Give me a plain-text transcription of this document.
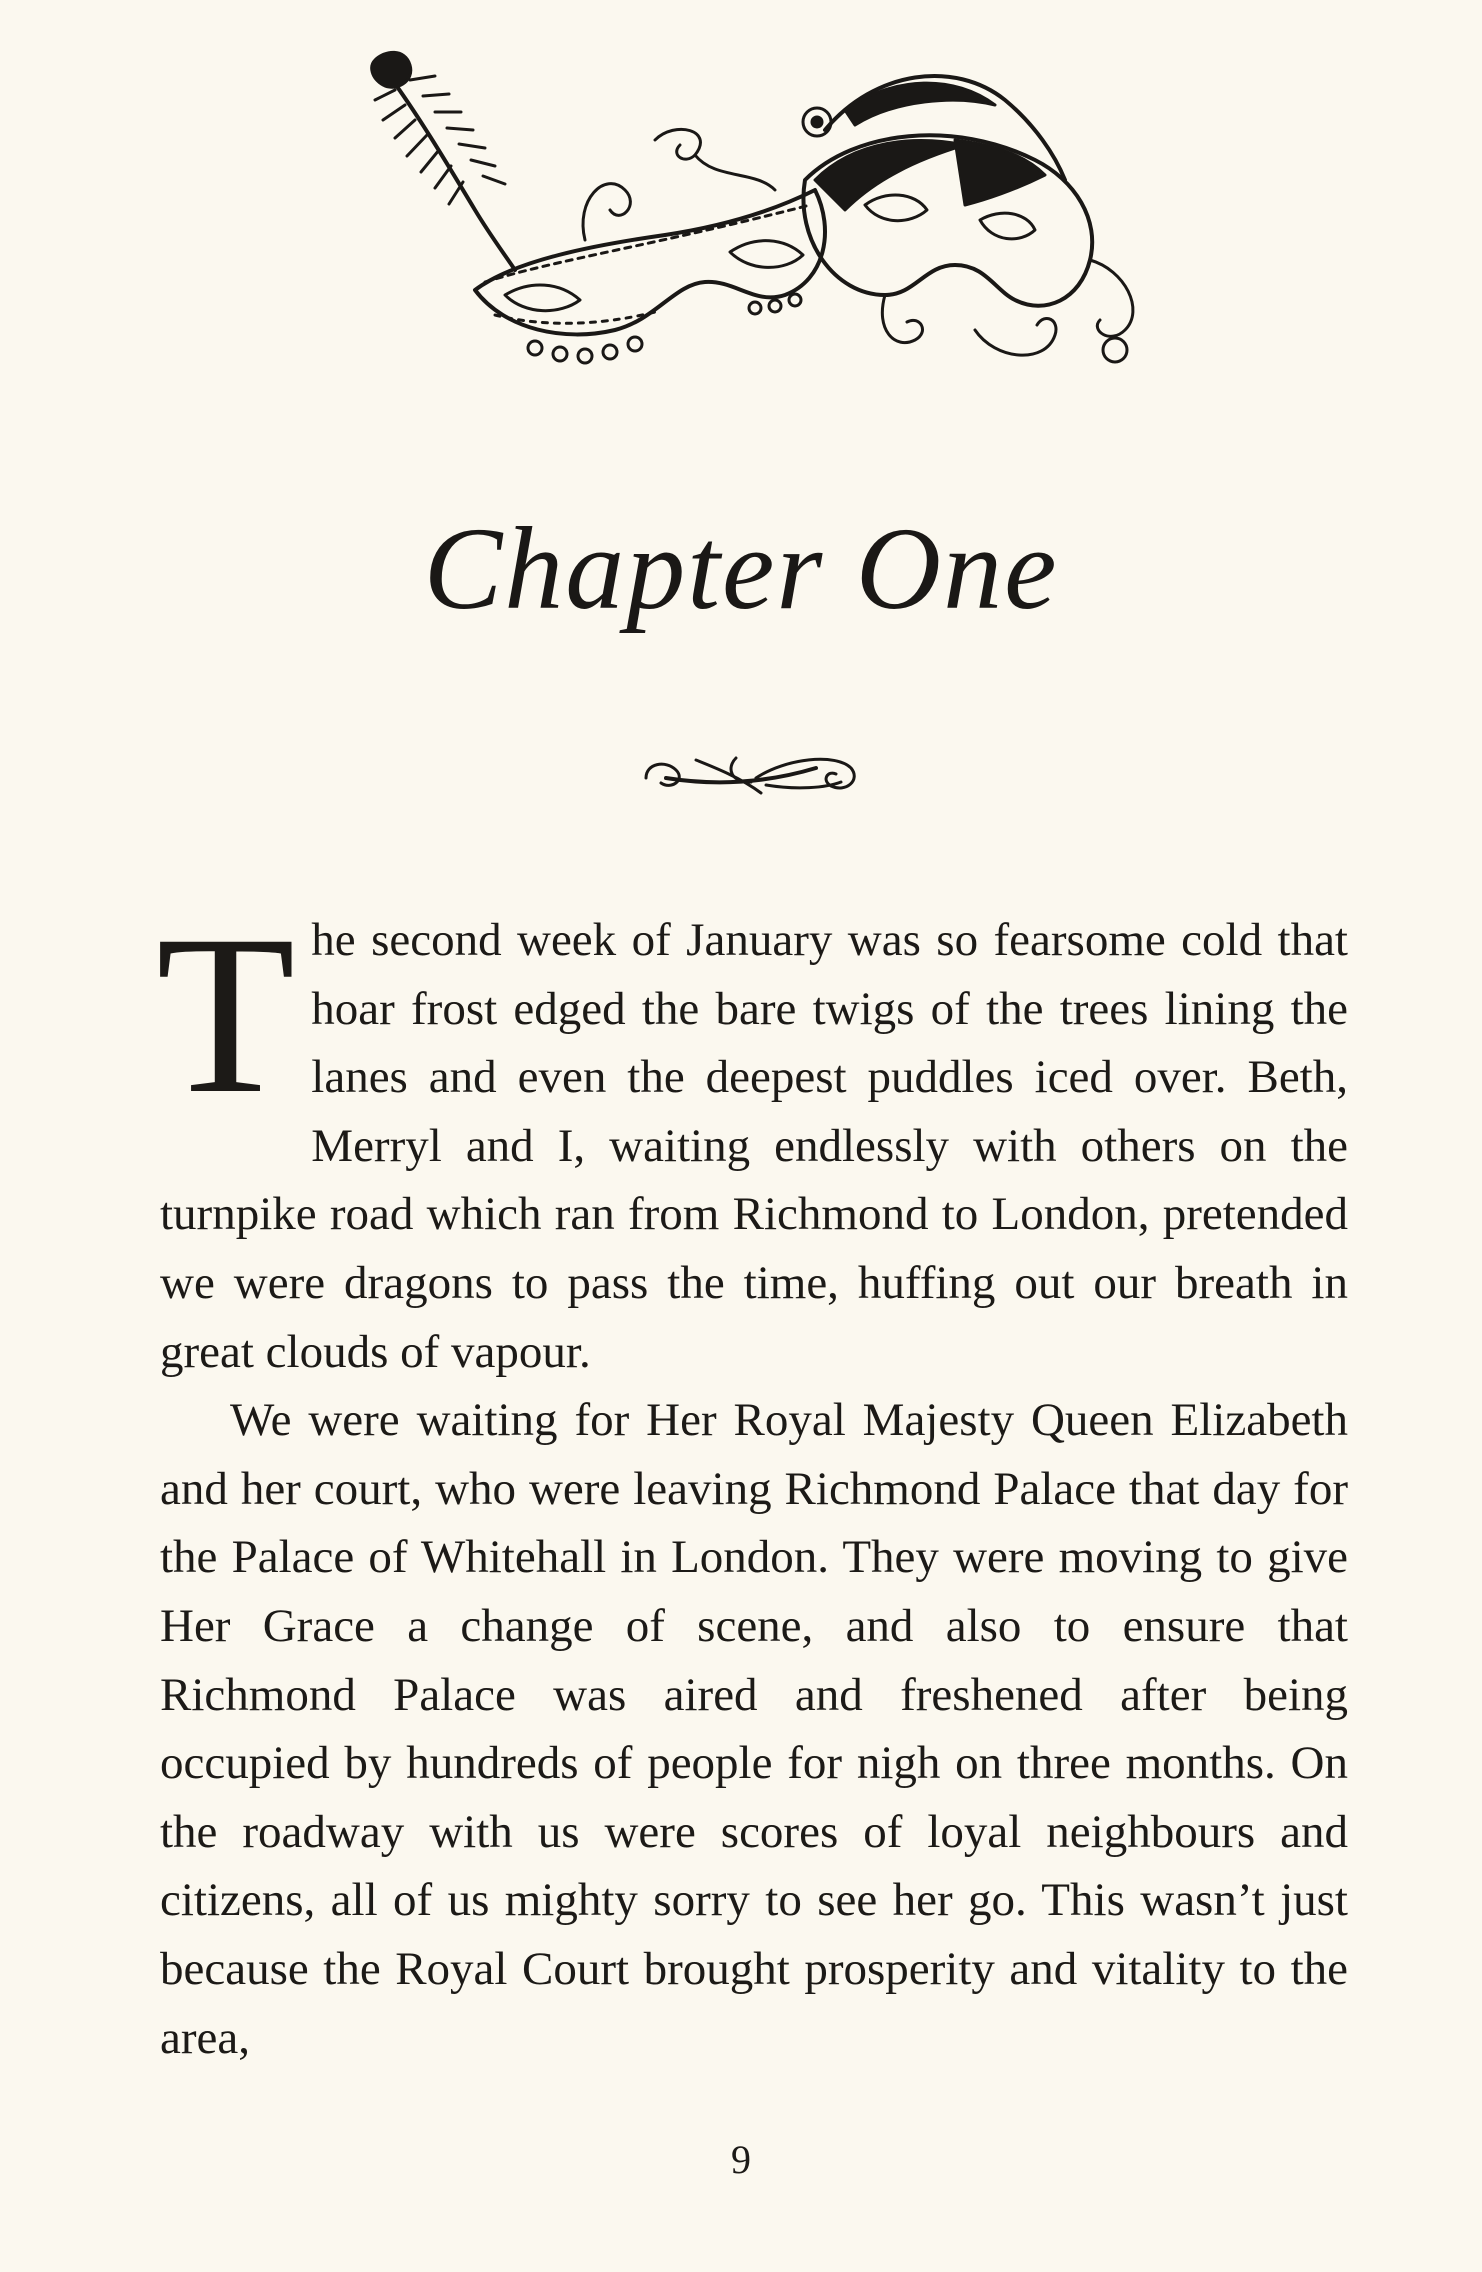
Chapter One

The second week of January was so fearsome cold that hoar frost edged the bare twigs of the trees lining the lanes and even the deepest puddles iced over. Beth, Merryl and I, waiting endlessly with others on the turnpike road which ran from Richmond to London, pretended we were dragons to pass the time, huffing out our breath in great clouds of vapour.

We were waiting for Her Royal Majesty Queen Elizabeth and her court, who were leaving Richmond Palace that day for the Palace of Whitehall in London. They were moving to give Her Grace a change of scene, and also to ensure that Richmond Palace was aired and freshened after being occupied by hundreds of people for nigh on three months. On the roadway with us were scores of loyal neighbours and citizens, all of us mighty sorry to see her go. This wasn’t just because the Royal Court brought prosperity and vitality to the area,

9
